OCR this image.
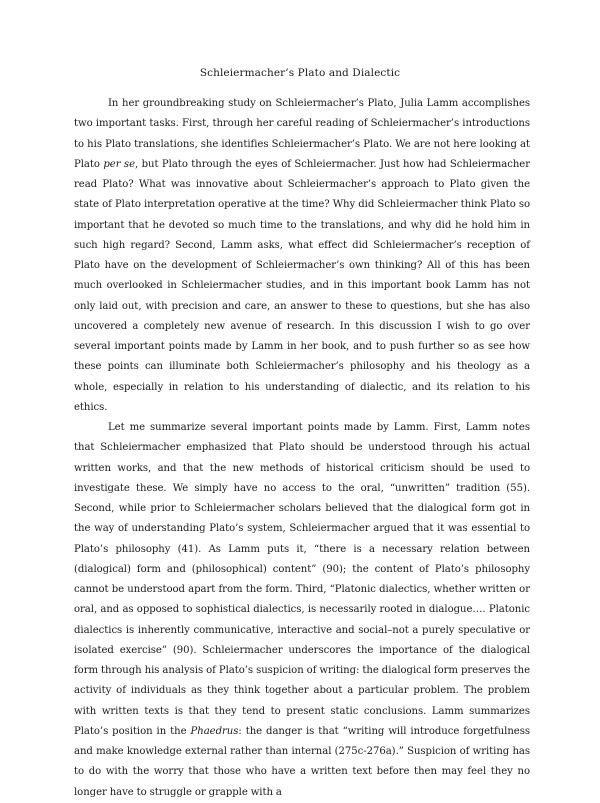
Schleiermacher’s Plato and Dialectic

In her groundbreaking study on Schleiermacher’s Plato, Julia Lamm accomplishes two important tasks. First, through her careful reading of Schleiermacher’s introductions to his Plato translations, she identifies Schleiermacher’s Plato. We are not here looking at Plato per se, but Plato through the eyes of Schleiermacher. Just how had Schleiermacher read Plato? What was innovative about Schleiermacher’s approach to Plato given the state of Plato interpretation operative at the time? Why did Schleiermacher think Plato so important that he devoted so much time to the translations, and why did he hold him in such high regard? Second, Lamm asks, what effect did Schleiermacher’s reception of Plato have on the development of Schleiermacher’s own thinking? All of this has been much overlooked in Schleiermacher studies, and in this important book Lamm has not only laid out, with precision and care, an answer to these to questions, but she has also uncovered a completely new avenue of research. In this discussion I wish to go over several important points made by Lamm in her book, and to push further so as see how these points can illuminate both Schleiermacher’s philosophy and his theology as a whole, especially in relation to his understanding of dialectic, and its relation to his ethics.

Let me summarize several important points made by Lamm. First, Lamm notes that Schleiermacher emphasized that Plato should be understood through his actual written works, and that the new methods of historical criticism should be used to investigate these. We simply have no access to the oral, “unwritten” tradition (55). Second, while prior to Schleiermacher scholars believed that the dialogical form got in the way of understanding Plato’s system, Schleiermacher argued that it was essential to Plato’s philosophy (41). As Lamm puts it, “there is a necessary relation between (dialogical) form and (philosophical) content” (90); the content of Plato’s philosophy cannot be understood apart from the form. Third, “Platonic dialectics, whether written or oral, and as opposed to sophistical dialectics, is necessarily rooted in dialogue…. Platonic dialectics is inherently communicative, interactive and social–not a purely speculative or isolated exercise” (90). Schleiermacher underscores the importance of the dialogical form through his analysis of Plato’s suspicion of writing: the dialogical form preserves the activity of individuals as they think together about a particular problem. The problem with written texts is that they tend to present static conclusions. Lamm summarizes Plato’s position in the Phaedrus: the danger is that “writing will introduce forgetfulness and make knowledge external rather than internal (275c-276a).” Suspicion of writing has to do with the worry that those who have a written text before then may feel they no longer have to struggle or grapple with a
